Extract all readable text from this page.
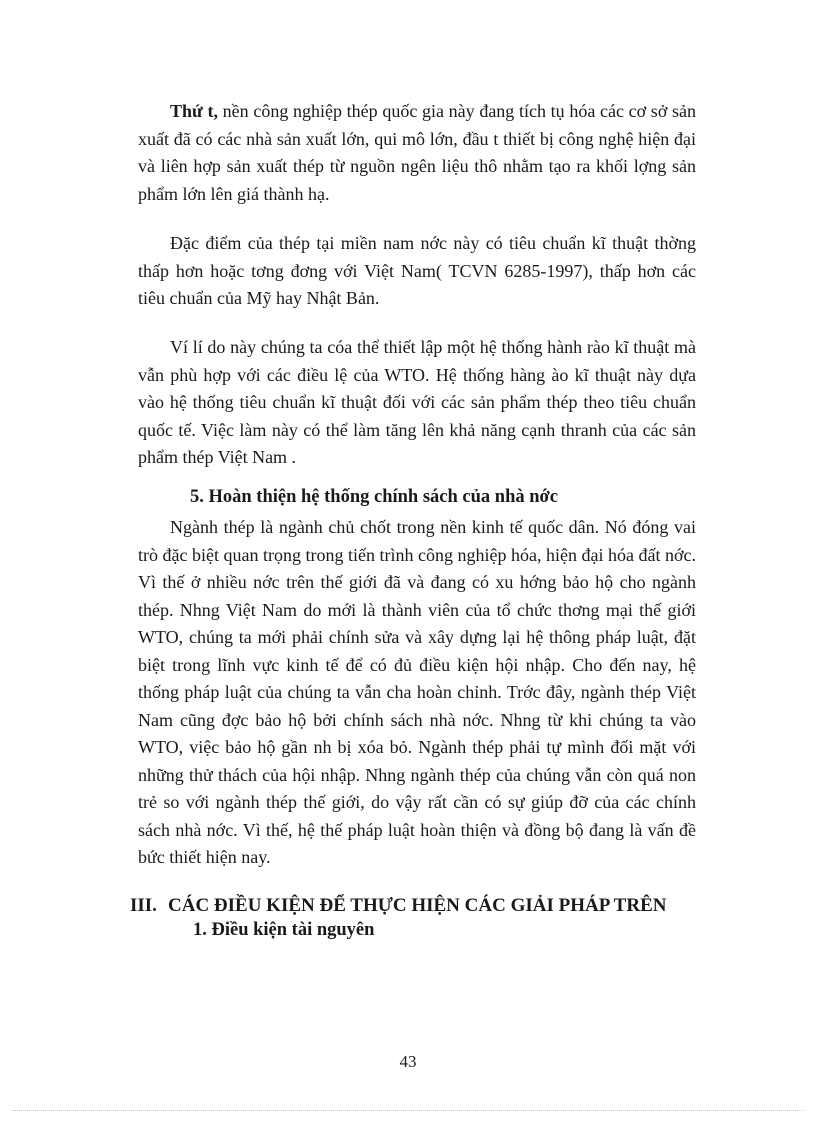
Thứ t, nền công nghiệp thép quốc gia này đang tích tụ hóa các cơ sở sản xuất đã có các nhà sản xuất lớn, qui mô lớn, đầu t thiết bị công nghệ hiện đại và liên hợp sản xuất thép từ nguồn ngên liệu thô nhằm tạo ra khối lợng sản phẩm lớn lên giá thành hạ.

Đặc điểm của thép tại miền nam nớc này có tiêu chuẩn kĩ thuật thờng thấp hơn hoặc tơng đơng với Việt Nam( TCVN 6285-1997), thấp hơn các tiêu chuẩn của Mỹ hay Nhật Bản.

Ví lí do này chúng ta cóa thể thiết lập một hệ thống hành rào kĩ thuật mà vẫn phù hợp với các điều lệ của WTO. Hệ thống hàng ào kĩ thuật này dựa vào hệ thống tiêu chuẩn kĩ thuật đối với các sản phẩm thép theo tiêu chuẩn quốc tế. Việc làm này có thể làm tăng lên khả năng cạnh thranh của các sản phẩm thép Việt Nam .

5. Hoàn thiện hệ thống chính sách của nhà nớc

Ngành thép là ngành chủ chốt trong nền kinh tế quốc dân. Nó đóng vai trò đặc biệt quan trọng trong tiến trình công nghiệp hóa, hiện đại hóa đất nớc. Vì thế ở nhiều nớc trên thế giới đã và đang có xu hớng bảo hộ cho ngành thép. Nhng Việt Nam do mới là thành viên của tổ chức thơng mại thế giới WTO, chúng ta mới phải chính sửa và xây dựng lại hệ thông pháp luật, đặt biệt trong lĩnh vực kinh tế để có đủ điều kiện hội nhập. Cho đến nay, hệ thống pháp luật của chúng ta vẫn cha hoàn chỉnh. Trớc đây, ngành thép Việt Nam cũng đợc bảo hộ bởi chính sách nhà nớc. Nhng từ khi chúng ta vào WTO, việc bảo hộ gần nh bị xóa bỏ. Ngành thép phải tự mình đối mặt với những thử thách của hội nhập. Nhng ngành thép của chúng vẫn còn quá non trẻ so với ngành thép thế giới, do vậy rất cần có sự giúp đỡ của các chính sách nhà nớc. Vì thế, hệ thế pháp luật hoàn thiện và đồng bộ đang là vấn đề bức thiết hiện nay.

III. CÁC ĐIỀU KIỆN ĐỂ THỰC HIỆN CÁC GIẢI PHÁP TRÊN
1. Điều kiện tài nguyên
43
